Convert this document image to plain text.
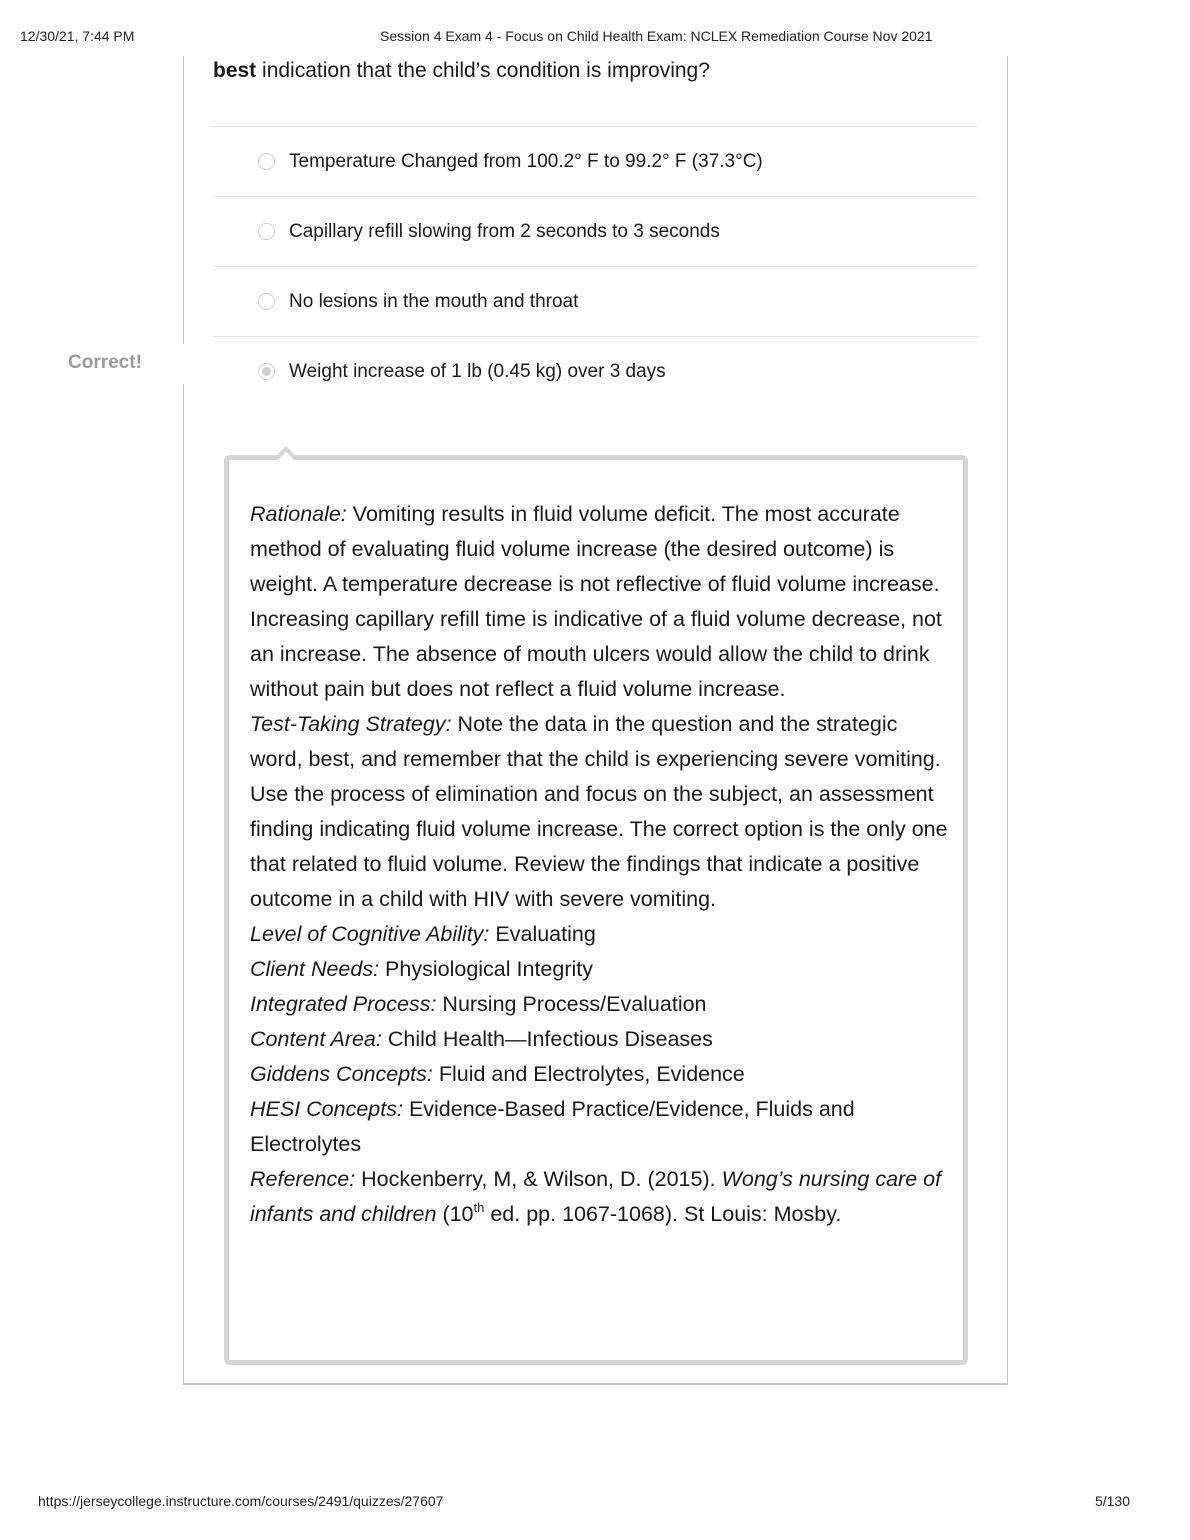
12/30/21, 7:44 PM	Session 4 Exam 4 - Focus on Child Health Exam: NCLEX Remediation Course Nov 2021
Correct!
best indication that the child’s condition is improving?
Temperature Changed from 100.2° F to 99.2° F (37.3°C)
Capillary refill slowing from 2 seconds to 3 seconds
No lesions in the mouth and throat
Weight increase of 1 lb (0.45 kg) over 3 days

Rationale: Vomiting results in fluid volume deficit. The most accurate method of evaluating fluid volume increase (the desired outcome) is weight. A temperature decrease is not reflective of fluid volume increase. Increasing capillary refill time is indicative of a fluid volume decrease, not an increase. The absence of mouth ulcers would allow the child to drink without pain but does not reflect a fluid volume increase.

Test-Taking Strategy: Note the data in the question and the strategic word, best, and remember that the child is experiencing severe vomiting. Use the process of elimination and focus on the subject, an assessment finding indicating fluid volume increase. The correct option is the only one that related to fluid volume. Review the findings that indicate a positive outcome in a child with HIV with severe vomiting.

Level of Cognitive Ability: Evaluating

Client Needs: Physiological Integrity

Integrated Process: Nursing Process/Evaluation

Content Area: Child Health—Infectious Diseases

Giddens Concepts: Fluid and Electrolytes, Evidence

HESI Concepts: Evidence-Based Practice/Evidence, Fluids and Electrolytes

Reference: Hockenberry, M, & Wilson, D. (2015). Wong’s nursing care of infants and children (10th ed. pp. 1067-1068). St Louis: Mosby.

https://jerseycollege.instructure.com/courses/2491/quizzes/27607	5/130
